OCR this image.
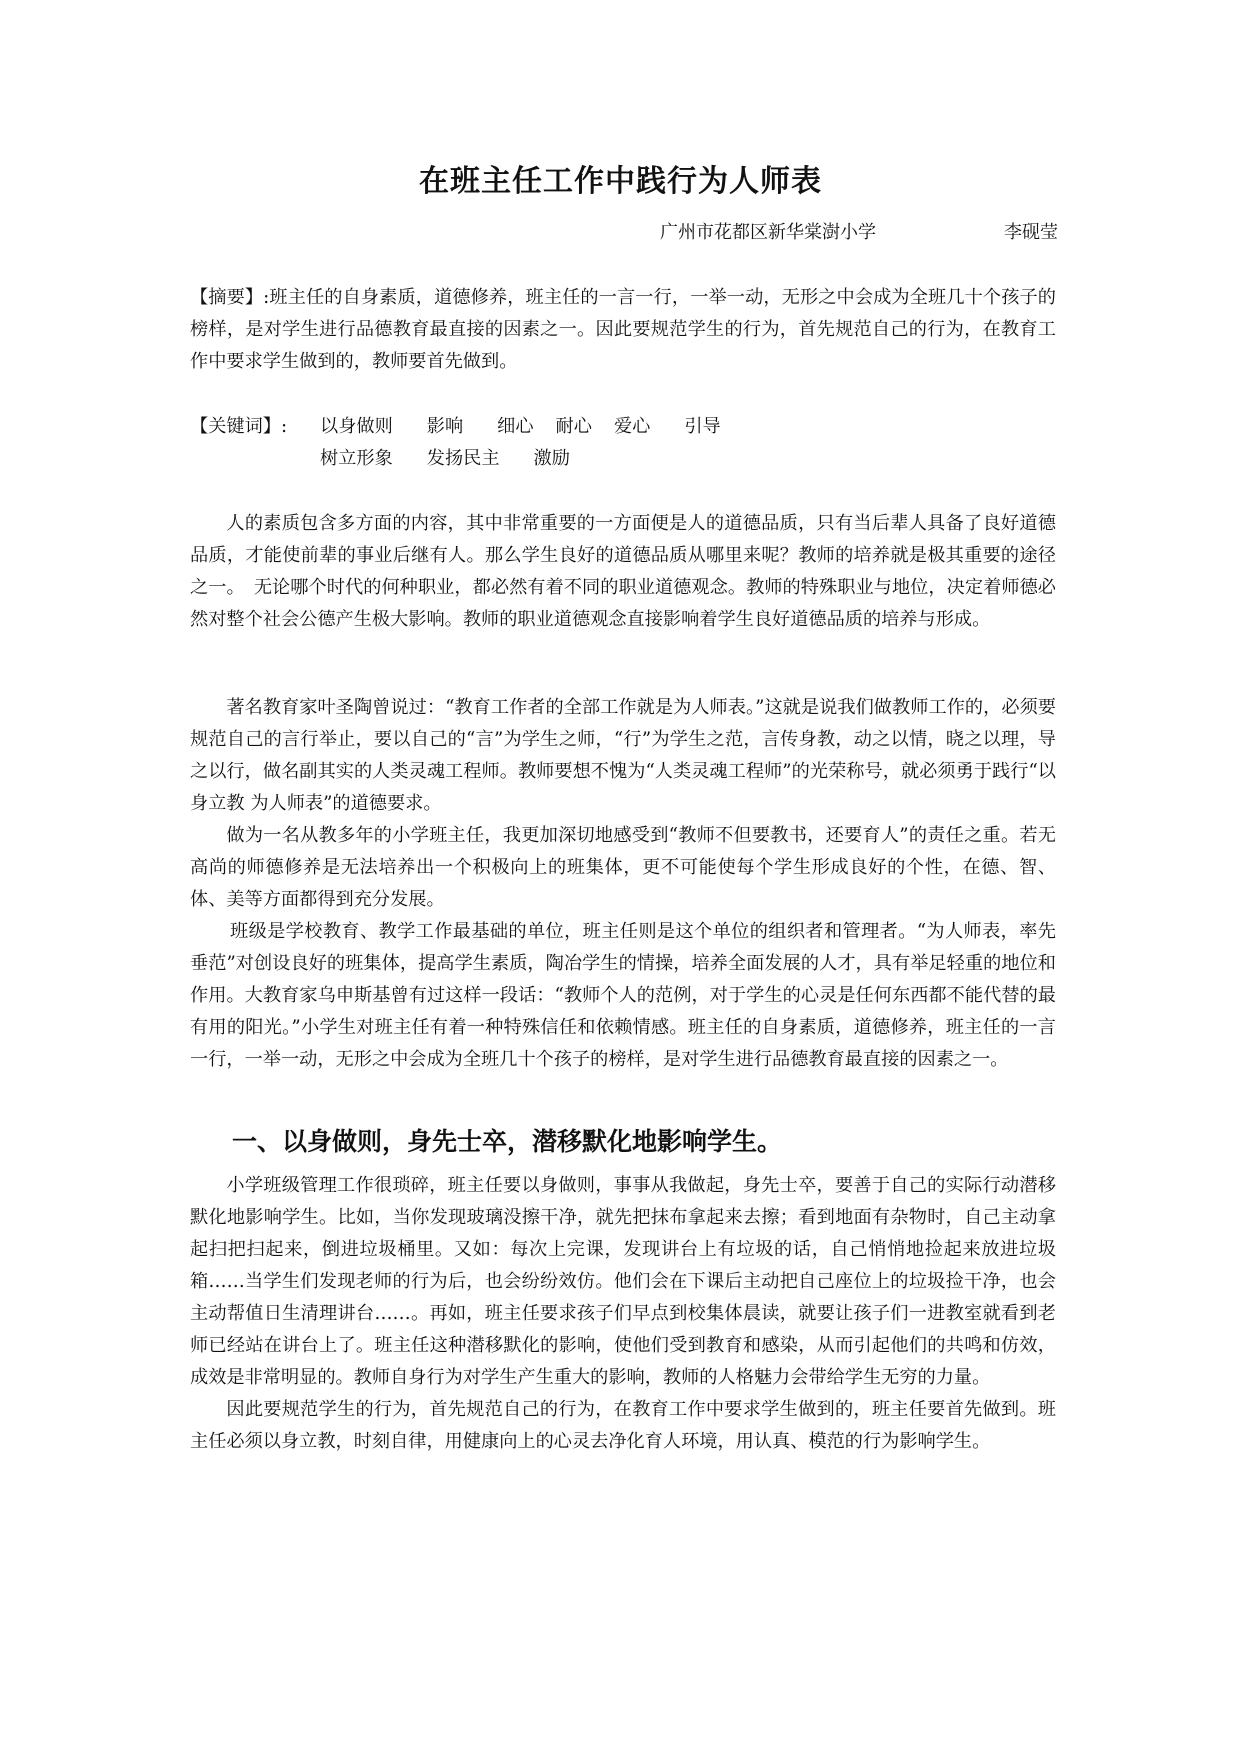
在班主任工作中践行为人师表
广州市花都区新华棠澍小学	李砚莹

【摘要】:班主任的自身素质，道德修养，班主任的一言一行，一举一动，无形之中会成为全班几十个孩子的榜样，是对学生进行品德教育最直接的因素之一。因此要规范学生的行为，首先规范自己的行为，在教育工作中要求学生做到的，教师要首先做到。

【关键词】: 以身做则 影响 细心 耐心 爱心 引导
树立形象 发扬民主 激励

人的素质包含多方面的内容，其中非常重要的一方面便是人的道德品质，只有当后辈人具备了良好道德品质，才能使前辈的事业后继有人。那么学生良好的道德品质从哪里来呢？教师的培养就是极其重要的途径之一。　无论哪个时代的何种职业，都必然有着不同的职业道德观念。教师的特殊职业与地位，决定着师德必然对整个社会公德产生极大影响。教师的职业道德观念直接影响着学生良好道德品质的培养与形成。

著名教育家叶圣陶曾说过：“教育工作者的全部工作就是为人师表。”这就是说我们做教师工作的，必须要规范自己的言行举止，要以自己的“言”为学生之师，“行”为学生之范，言传身教，动之以情，晓之以理，导之以行，做名副其实的人类灵魂工程师。教师要想不愧为“人类灵魂工程师”的光荣称号，就必须勇于践行“以身立教 为人师表”的道德要求。

做为一名从教多年的小学班主任，我更加深切地感受到“教师不但要教书，还要育人”的责任之重。若无高尚的师德修养是无法培养出一个积极向上的班集体，更不可能使每个学生形成良好的个性，在德、智、体、美等方面都得到充分发展。

班级是学校教育、教学工作最基础的单位，班主任则是这个单位的组织者和管理者。“为人师表，率先垂范”对创设良好的班集体，提高学生素质，陶冶学生的情操，培养全面发展的人才，具有举足轻重的地位和作用。大教育家乌申斯基曾有过这样一段话：“教师个人的范例，对于学生的心灵是任何东西都不能代替的最有用的阳光。”小学生对班主任有着一种特殊信任和依赖情感。班主任的自身素质，道德修养，班主任的一言一行，一举一动，无形之中会成为全班几十个孩子的榜样，是对学生进行品德教育最直接的因素之一。

一、以身做则，身先士卒，潜移默化地影响学生。

小学班级管理工作很琐碎，班主任要以身做则，事事从我做起，身先士卒，要善于自己的实际行动潜移默化地影响学生。比如，当你发现玻璃没擦干净，就先把抹布拿起来去擦；看到地面有杂物时，自己主动拿起扫把扫起来，倒进垃圾桶里。又如：每次上完课，发现讲台上有垃圾的话，自己悄悄地捡起来放进垃圾箱……当学生们发现老师的行为后，也会纷纷效仿。他们会在下课后主动把自己座位上的垃圾捡干净，也会主动帮值日生清理讲台……。再如，班主任要求孩子们早点到校集体晨读，就要让孩子们一进教室就看到老师已经站在讲台上了。班主任这种潜移默化的影响，使他们受到教育和感染，从而引起他们的共鸣和仿效，成效是非常明显的。教师自身行为对学生产生重大的影响，教师的人格魅力会带给学生无穷的力量。

因此要规范学生的行为，首先规范自己的行为，在教育工作中要求学生做到的，班主任要首先做到。班主任必须以身立教，时刻自律，用健康向上的心灵去净化育人环境，用认真、模范的行为影响学生。
